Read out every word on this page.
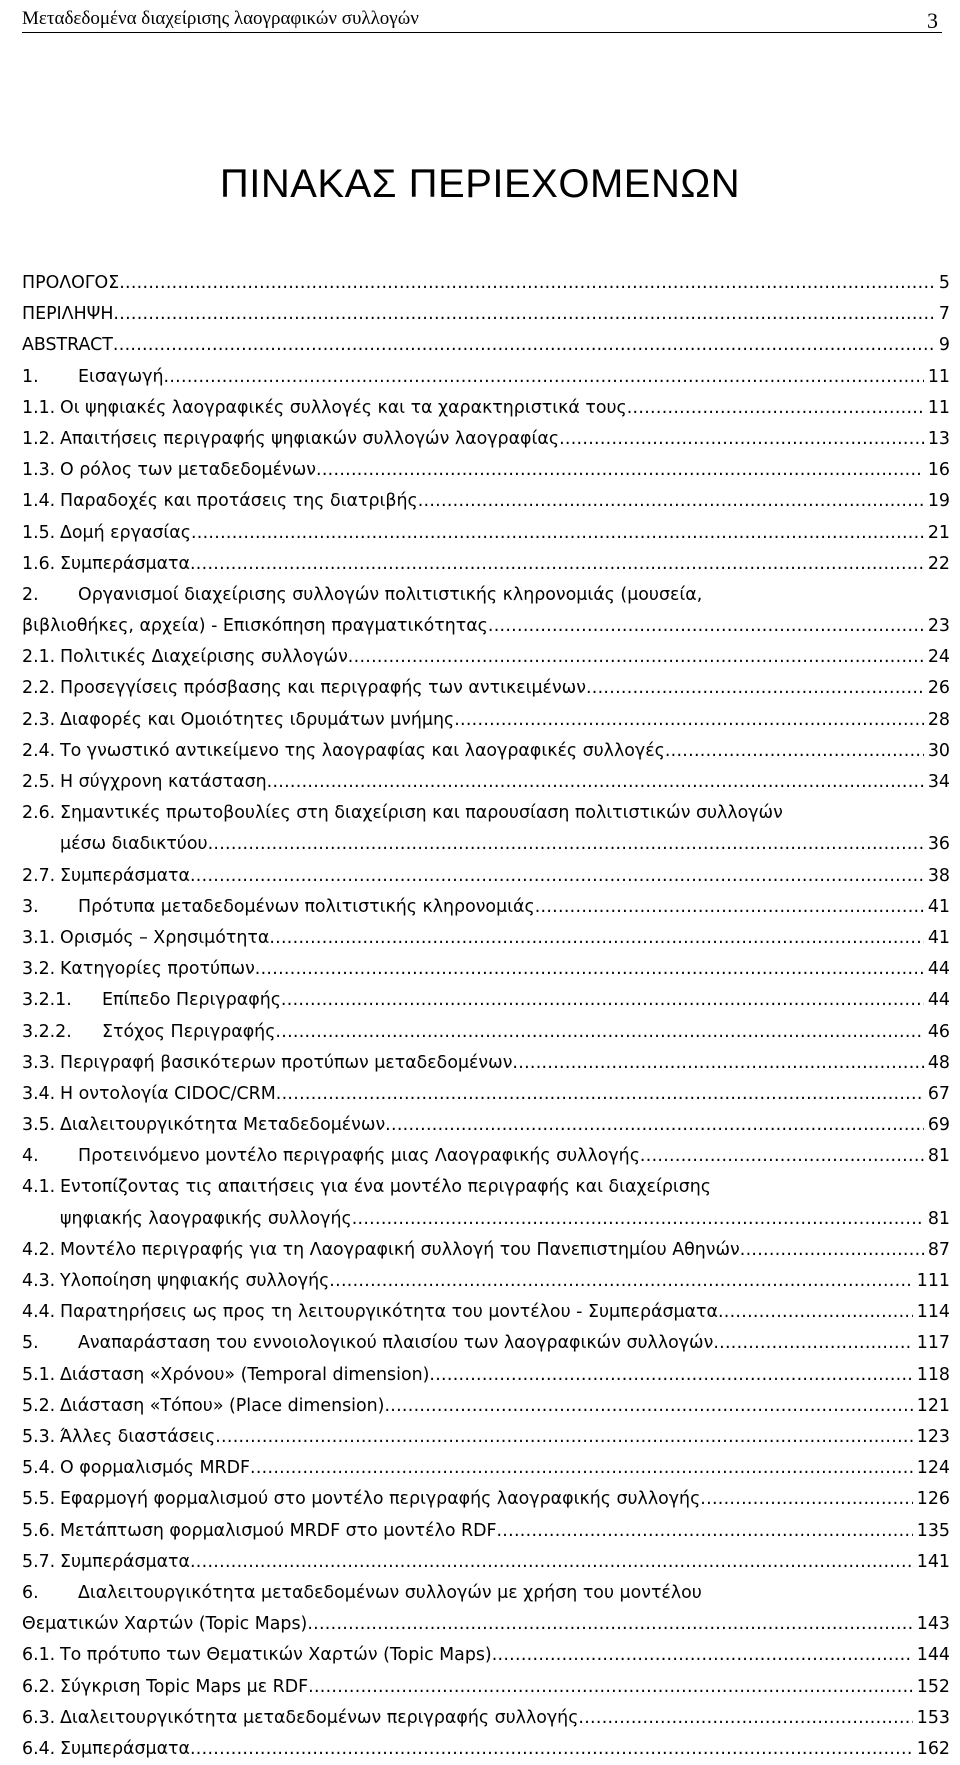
Μεταδεδομένα διαχείρισης λαογραφικών συλλογών	3
ΠΙΝΑΚΑΣ ΠΕΡΙΕΧΟΜΕΝΩΝ
ΠΡΟΛΟΓΟΣ .....	5
ΠΕΡΙΛΗΨΗ .....	7
ABSTRACT .....	9
1.	Εισαγωγή .....	11
1.1. Οι ψηφιακές λαογραφικές συλλογές και τα χαρακτηριστικά τους .....	11
1.2. Απαιτήσεις περιγραφής ψηφιακών συλλογών λαογραφίας .....	13
1.3. Ο ρόλος των μεταδεδομένων .....	16
1.4. Παραδοχές και προτάσεις της διατριβής .....	19
1.5. Δομή εργασίας .....	21
1.6. Συμπεράσματα .....	22
2.	Οργανισμοί διαχείρισης συλλογών πολιτιστικής κληρονομιάς (μουσεία,
βιβλιοθήκες, αρχεία) - Επισκόπηση πραγματικότητας .....	23
2.1. Πολιτικές Διαχείρισης συλλογών .....	24
2.2. Προσεγγίσεις πρόσβασης και περιγραφής των αντικειμένων .....	26
2.3. Διαφορές και Ομοιότητες ιδρυμάτων μνήμης .....	28
2.4. Το γνωστικό αντικείμενο της λαογραφίας και λαογραφικές συλλογές .....	30
2.5. Η σύγχρονη κατάσταση .....	34
2.6. Σημαντικές πρωτοβουλίες στη διαχείριση και παρουσίαση πολιτιστικών συλλογών
μέσω διαδικτύου .....	36
2.7. Συμπεράσματα .....	38
3.	Πρότυπα μεταδεδομένων πολιτιστικής κληρονομιάς .....	41
3.1. Ορισμός – Χρησιμότητα .....	41
3.2. Κατηγορίες προτύπων .....	44
3.2.1.	Επίπεδο Περιγραφής .....	44
3.2.2.	Στόχος Περιγραφής .....	46
3.3. Περιγραφή βασικότερων προτύπων μεταδεδομένων .....	48
3.4. Η οντολογία CIDOC/CRM .....	67
3.5. Διαλειτουργικότητα Μεταδεδομένων .....	69
4.	Προτεινόμενο μοντέλο περιγραφής μιας Λαογραφικής συλλογής .....	81
4.1. Εντοπίζοντας τις απαιτήσεις για ένα μοντέλο περιγραφής και διαχείρισης
ψηφιακής λαογραφικής συλλογής .....	81
4.2. Μοντέλο περιγραφής για τη Λαογραφική συλλογή του Πανεπιστημίου Αθηνών .....	87
4.3. Υλοποίηση ψηφιακής συλλογής .....	111
4.4. Παρατηρήσεις ως προς τη λειτουργικότητα του μοντέλου - Συμπεράσματα .....	114
5.	Αναπαράσταση του εννοιολογικού πλαισίου των λαογραφικών συλλογών .....	117
5.1. Διάσταση «Χρόνου» (Temporal dimension) .....	118
5.2. Διάσταση «Τόπου» (Place dimension) .....	121
5.3. Άλλες διαστάσεις .....	123
5.4. Ο φορμαλισμός MRDF .....	124
5.5. Εφαρμογή φορμαλισμού στο μοντέλο περιγραφής λαογραφικής συλλογής .....	126
5.6. Μετάπτωση φορμαλισμού MRDF στο μοντέλο RDF .....	135
5.7. Συμπεράσματα .....	141
6.	Διαλειτουργικότητα μεταδεδομένων συλλογών με χρήση του μοντέλου
Θεματικών Χαρτών (Topic Maps) .....	143
6.1. Το πρότυπο των Θεματικών Χαρτών (Topic Maps) .....	144
6.2. Σύγκριση Topic Maps με RDF .....	152
6.3. Διαλειτουργικότητα μεταδεδομένων περιγραφής συλλογής .....	153
6.4. Συμπεράσματα .....	162
